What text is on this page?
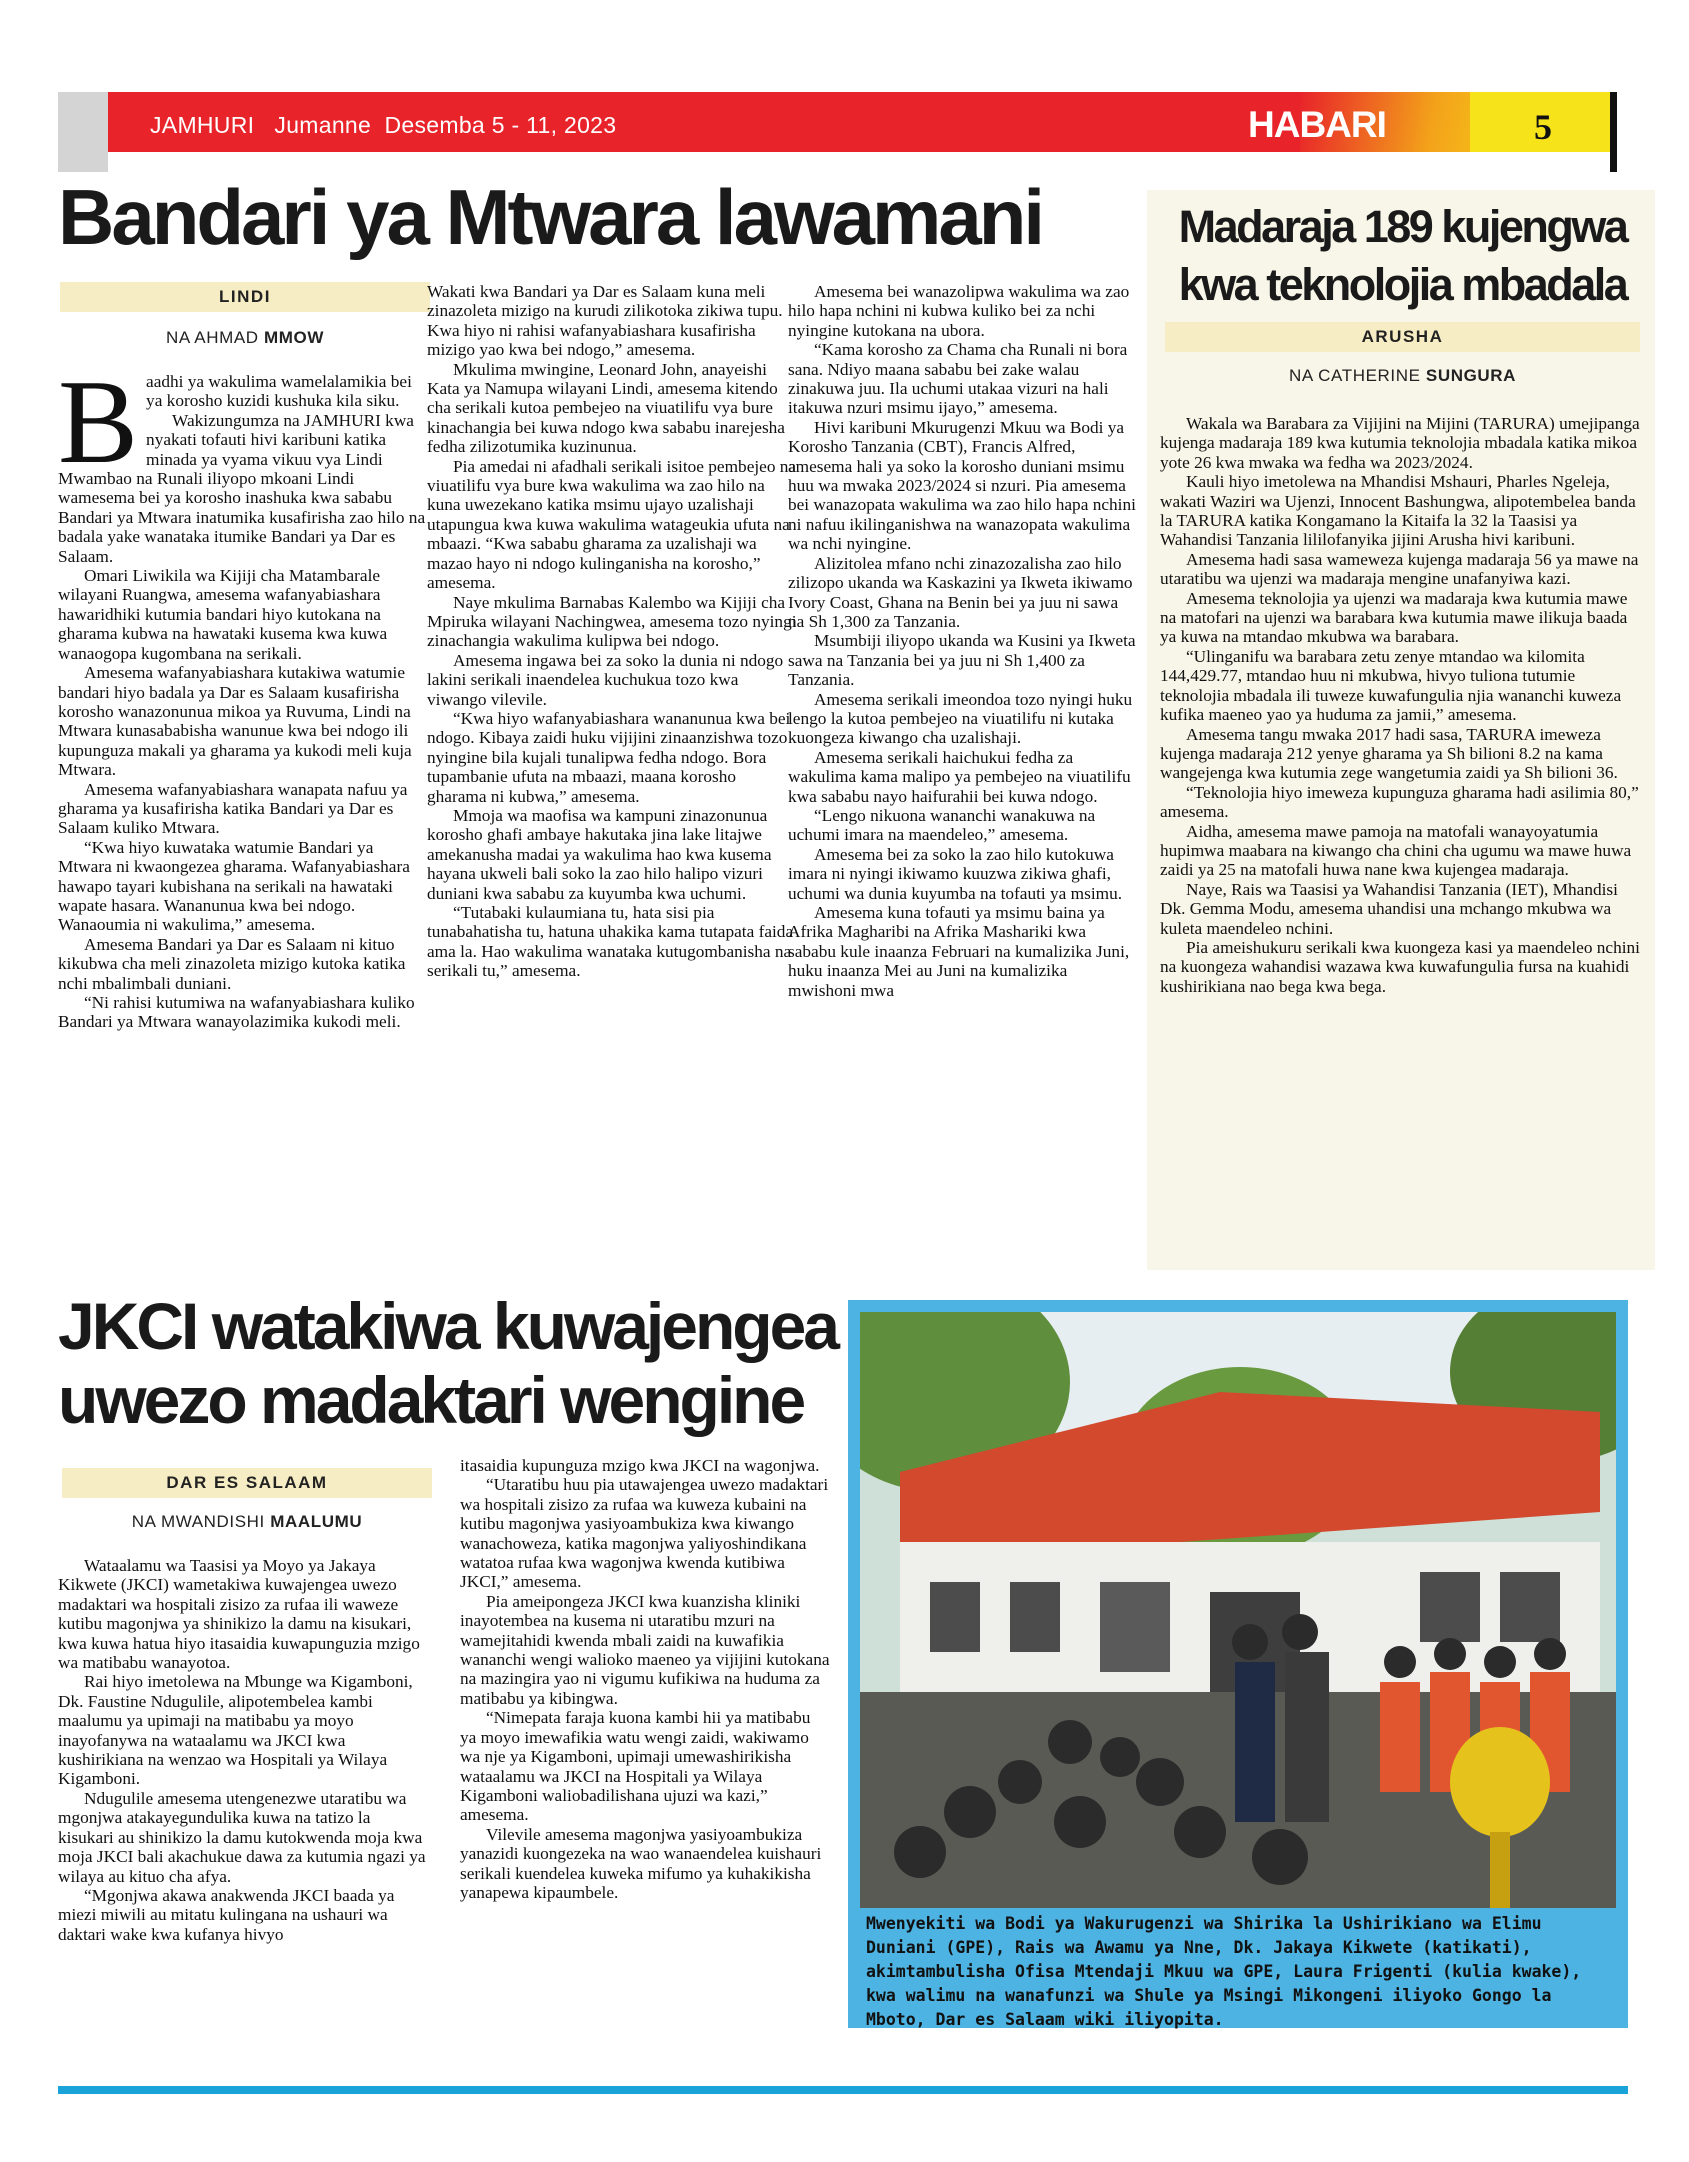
JAMHURI   Jumanne  Desemba 5 - 11, 2023	HABARI	5
Bandari ya Mtwara lawamani
LINDI
NA AHMAD MMOW
B aadhi ya wakulima wamelalamikia bei ya korosho kuzidi kushuka kila siku.

Wakizungumza na JAMHURI kwa nyakati tofauti hivi karibuni katika minada ya vyama vikuu vya Lindi Mwambao na Runali iliyopo mkoani Lindi wamesema bei ya korosho inashuka kwa sababu Bandari ya Mtwara inatumika kusafirisha zao hilo na badala yake wanataka itumike Bandari ya Dar es Salaam.

Omari Liwikila wa Kijiji cha Matambarale wilayani Ruangwa, amesema wafanyabiashara hawaridhiki kutumia bandari hiyo kutokana na gharama kubwa na hawataki kusema kwa kuwa wanaogopa kugombana na serikali.

Amesema wafanyabiashara kutakiwa watumie bandari hiyo badala ya Dar es Salaam kusafirisha korosho wanazonunua mikoa ya Ruvuma, Lindi na Mtwara kunasababisha wanunue kwa bei ndogo ili kupunguza makali ya gharama ya kukodi meli kuja Mtwara.

Amesema wafanyabiashara wanapata nafuu ya gharama ya kusafirisha katika Bandari ya Dar es Salaam kuliko Mtwara.

“Kwa hiyo kuwataka watumie Bandari ya Mtwara ni kwaongezea gharama. Wafanyabiashara hawapo tayari kubishana na serikali na hawataki wapate hasara. Wananunua kwa bei ndogo. Wanaoumia ni wakulima,” amesema.

Amesema Bandari ya Dar es Salaam ni kituo kikubwa cha meli zinazoleta mizigo kutoka katika nchi mbalimbali duniani.

“Ni rahisi kutumiwa na wafanyabiashara kuliko Bandari ya Mtwara wanayolazimika kukodi meli.

Wakati kwa Bandari ya Dar es Salaam kuna meli zinazoleta mizigo na kurudi zilikotoka zikiwa tupu. Kwa hiyo ni rahisi wafanyabiashara kusafirisha mizigo yao kwa bei ndogo,” amesema.

Mkulima mwingine, Leonard John, anayeishi Kata ya Namupa wilayani Lindi, amesema kitendo cha serikali kutoa pembejeo na viuatilifu vya bure kinachangia bei kuwa ndogo kwa sababu inarejesha fedha zilizotumika kuzinunua.

Pia amedai ni afadhali serikali isitoe pembejeo na viuatilifu vya bure kwa wakulima wa zao hilo na kuna uwezekano katika msimu ujayo uzalishaji utapungua kwa kuwa wakulima watageukia ufuta na mbaazi. “Kwa sababu gharama za uzalishaji wa mazao hayo ni ndogo kulinganisha na korosho,” amesema.

Naye mkulima Barnabas Kalembo wa Kijiji cha Mpiruka wilayani Nachingwea, amesema tozo nyingi zinachangia wakulima kulipwa bei ndogo.

Amesema ingawa bei za soko la dunia ni ndogo lakini serikali inaendelea kuchukua tozo kwa viwango vilevile.

“Kwa hiyo wafanyabiashara wananunua kwa bei ndogo. Kibaya zaidi huku vijijini zinaanzishwa tozo nyingine bila kujali tunalipwa fedha ndogo. Bora tupambanie ufuta na mbaazi, maana korosho gharama ni kubwa,” amesema.

Mmoja wa maofisa wa kampuni zinazonunua korosho ghafi ambaye hakutaka jina lake litajwe amekanusha madai ya wakulima hao kwa kusema hayana ukweli bali soko la zao hilo halipo vizuri duniani kwa sababu za kuyumba kwa uchumi.

“Tutabaki kulaumiana tu, hata sisi pia tunabahatisha tu, hatuna uhakika kama tutapata faida ama la. Hao wakulima wanataka kutugombanisha na serikali tu,” amesema.

Amesema bei wanazolipwa wakulima wa zao hilo hapa nchini ni kubwa kuliko bei za nchi nyingine kutokana na ubora.

“Kama korosho za Chama cha Runali ni bora sana. Ndiyo maana sababu bei zake walau zinakuwa juu. Ila uchumi utakaa vizuri na hali itakuwa nzuri msimu ijayo,” amesema.

Hivi karibuni Mkurugenzi Mkuu wa Bodi ya Korosho Tanzania (CBT), Francis Alfred, amesema hali ya soko la korosho duniani msimu huu wa mwaka 2023/2024 si nzuri. Pia amesema bei wanazopata wakulima wa zao hilo hapa nchini ni nafuu ikilinganishwa na wanazopata wakulima wa nchi nyingine.

Alizitolea mfano nchi zinazozalisha zao hilo zilizopo ukanda wa Kaskazini ya Ikweta ikiwamo Ivory Coast, Ghana na Benin bei ya juu ni sawa na Sh 1,300 za Tanzania.

Msumbiji iliyopo ukanda wa Kusini ya Ikweta sawa na Tanzania bei ya juu ni Sh 1,400 za Tanzania.

Amesema serikali imeondoa tozo nyingi huku lengo la kutoa pembejeo na viuatilifu ni kutaka kuongeza kiwango cha uzalishaji.

Amesema serikali haichukui fedha za wakulima kama malipo ya pembejeo na viuatilifu kwa sababu nayo haifurahii bei kuwa ndogo.

“Lengo nikuona wananchi wanakuwa na uchumi imara na maendeleo,” amesema.

Amesema bei za soko la zao hilo kutokuwa imara ni nyingi ikiwamo kuuzwa zikiwa ghafi, uchumi wa dunia kuyumba na tofauti ya msimu.

Amesema kuna tofauti ya msimu baina ya Afrika Magharibi na Afrika Mashariki kwa sababu kule inaanza Februari na kumalizika Juni, huku inaanza Mei au Juni na kumalizika mwishoni mwa

Madaraja 189 kujengwa kwa teknolojia mbadala
ARUSHA
NA CATHERINE SUNGURA

Wakala wa Barabara za Vijijini na Mijini (TARURA) umejipanga kujenga madaraja 189 kwa kutumia teknolojia mbadala katika mikoa yote 26 kwa mwaka wa fedha wa 2023/2024.

Kauli hiyo imetolewa na Mhandisi Mshauri, Pharles Ngeleja, wakati Waziri wa Ujenzi, Innocent Bashungwa, alipotembelea banda la TARURA katika Kongamano la Kitaifa la 32 la Taasisi ya Wahandisi Tanzania lililofanyika jijini Arusha hivi karibuni.

Amesema hadi sasa wameweza kujenga madaraja 56 ya mawe na utaratibu wa ujenzi wa madaraja mengine unafanyiwa kazi.

Amesema teknolojia ya ujenzi wa madaraja kwa kutumia mawe na matofari na ujenzi wa barabara kwa kutumia mawe ilikuja baada ya kuwa na mtandao mkubwa wa barabara.

“Ulinganifu wa barabara zetu zenye mtandao wa kilomita 144,429.77, mtandao huu ni mkubwa, hivyo tuliona tutumie teknolojia mbadala ili tuweze kuwafungulia njia wananchi kuweza kufika maeneo yao ya huduma za jamii,” amesema.

Amesema tangu mwaka 2017 hadi sasa, TARURA imeweza kujenga madaraja 212 yenye gharama ya Sh bilioni 8.2 na kama wangejenga kwa kutumia zege wangetumia zaidi ya Sh bilioni 36.

“Teknolojia hiyo imeweza kupunguza gharama hadi asilimia 80,” amesema.

Aidha, amesema mawe pamoja na matofali wanayoyatumia hupimwa maabara na kiwango cha chini cha ugumu wa mawe huwa zaidi ya 25 na matofali huwa nane kwa kujengea madaraja.

Naye, Rais wa Taasisi ya Wahandisi Tanzania (IET), Mhandisi Dk. Gemma Modu, amesema uhandisi una mchango mkubwa wa kuleta maendeleo nchini.

Pia ameishukuru serikali kwa kuongeza kasi ya maendeleo nchini na kuongeza wahandisi wazawa kwa kuwafungulia fursa na kuahidi kushirikiana nao bega kwa bega.

JKCI watakiwa kuwajengea
uwezo madaktari wengine
DAR ES SALAAM
NA MWANDISHI MAALUMU

Wataalamu wa Taasisi ya Moyo ya Jakaya Kikwete (JKCI) wametakiwa kuwajengea uwezo madaktari wa hospitali zisizo za rufaa ili waweze kutibu magonjwa ya shinikizo la damu na kisukari, kwa kuwa hatua hiyo itasaidia kuwapunguzia mzigo wa matibabu wanayotoa.

Rai hiyo imetolewa na Mbunge wa Kigamboni, Dk. Faustine Ndugulile, alipotembelea kambi maalumu ya upimaji na matibabu ya moyo inayofanywa na wataalamu wa JKCI kwa kushirikiana na wenzao wa Hospitali ya Wilaya Kigamboni.

Ndugulile amesema utengenezwe utaratibu wa mgonjwa atakayegundulika kuwa na tatizo la kisukari au shinikizo la damu kutokwenda moja kwa moja JKCI bali akachukue dawa za kutumia ngazi ya wilaya au kituo cha afya.

“Mgonjwa akawa anakwenda JKCI baada ya miezi miwili au mitatu kulingana na ushauri wa daktari wake kwa kufanya hivyo

itasaidia kupunguza mzigo kwa JKCI na wagonjwa.

“Utaratibu huu pia utawajengea uwezo madaktari wa hospitali zisizo za rufaa wa kuweza kubaini na kutibu magonjwa yasiyoambukiza kwa kiwango wanachoweza, katika magonjwa yaliyoshindikana watatoa rufaa kwa wagonjwa kwenda kutibiwa JKCI,” amesema.

Pia ameipongeza JKCI kwa kuanzisha kliniki inayotembea na kusema ni utaratibu mzuri na wamejitahidi kwenda mbali zaidi na kuwafikia wananchi wengi walioko maeneo ya vijijini kutokana na mazingira yao ni vigumu kufikiwa na huduma za matibabu ya kibingwa.

“Nimepata faraja kuona kambi hii ya matibabu ya moyo imewafikia watu wengi zaidi, wakiwamo wa nje ya Kigamboni, upimaji umewashirikisha wataalamu wa JKCI na Hospitali ya Wilaya Kigamboni waliobadilishana ujuzi wa kazi,” amesema.

Vilevile amesema magonjwa yasiyoambukiza yanazidi kuongezeka na wao wanaendelea kuishauri serikali kuendelea kuweka mifumo ya kuhakikisha yanapewa kipaumbele.

Mwenyekiti wa Bodi ya Wakurugenzi wa Shirika la Ushirikiano wa Elimu Duniani (GPE), Rais wa Awamu ya Nne, Dk. Jakaya Kikwete (katikati), akimtambulisha Ofisa Mtendaji Mkuu wa GPE, Laura Frigenti (kulia kwake), kwa walimu na wanafunzi wa Shule ya Msingi Mikongeni iliyoko Gongo la Mboto, Dar es Salaam wiki iliyopita.
